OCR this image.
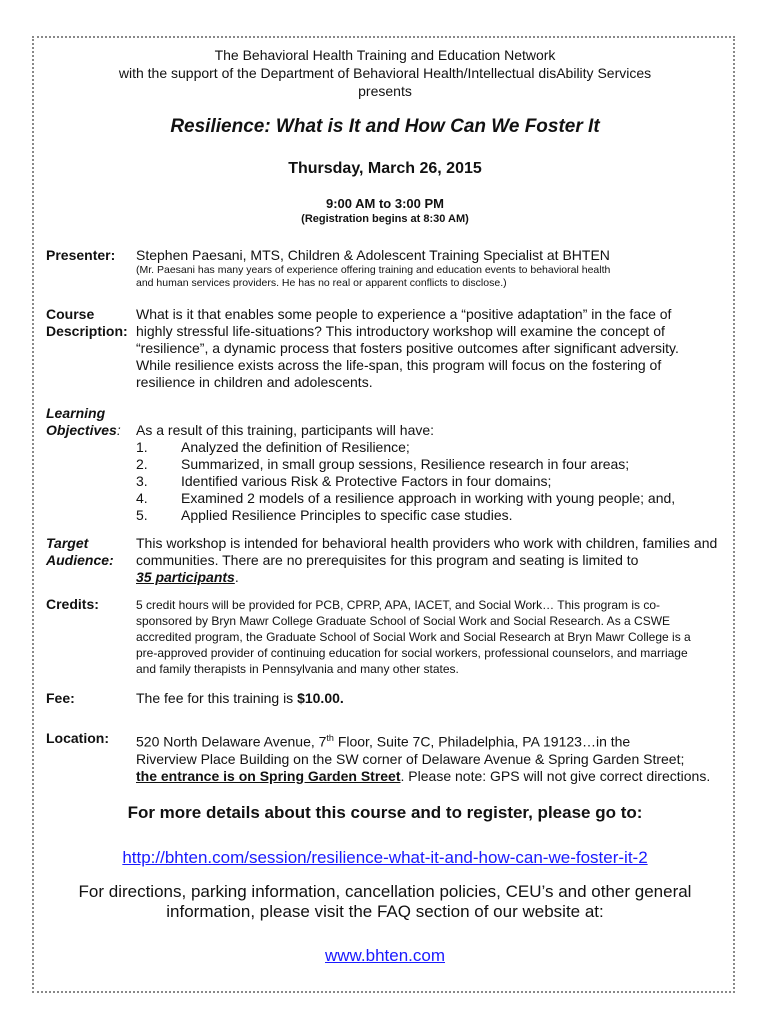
The Behavioral Health Training and Education Network
with the support of the Department of Behavioral Health/Intellectual disAbility Services
presents
Resilience: What is It and How Can We Foster It
Thursday, March 26, 2015
9:00 AM to 3:00 PM
(Registration begins at 8:30 AM)
Presenter: Stephen Paesani, MTS, Children & Adolescent Training Specialist at BHTEN
(Mr. Paesani has many years of experience offering training and education events to behavioral health
and human services providers. He has no real or apparent conflicts to disclose.)
Course
Description:
What is it that enables some people to experience a “positive adaptation” in the face of
highly stressful life-situations? This introductory workshop will examine the concept of
“resilience”, a dynamic process that fosters positive outcomes after significant adversity.
While resilience exists across the life-span, this program will focus on the fostering of
resilience in children and adolescents.
Learning
Objectives: As a result of this training, participants will have:
1.	Analyzed the definition of Resilience;
2.	Summarized, in small group sessions, Resilience research in four areas;
3.	Identified various Risk & Protective Factors in four domains;
4.	Examined 2 models of a resilience approach in working with young people; and,
5.	Applied Resilience Principles to specific case studies.
Target
Audience:
This workshop is intended for behavioral health providers who work with children, families and
communities. There are no prerequisites for this program and seating is limited to
35 participants.
Credits:	5 credit hours will be provided for PCB, CPRP, APA, IACET, and Social Work… This program is co-
sponsored by Bryn Mawr College Graduate School of Social Work and Social Research. As a CSWE
accredited program, the Graduate School of Social Work and Social Research at Bryn Mawr College is a
pre-approved provider of continuing education for social workers, professional counselors, and marriage
and family therapists in Pennsylvania and many other states.
Fee:	The fee for this training is $10.00.
Location: 520 North Delaware Avenue, 7th Floor, Suite 7C, Philadelphia, PA 19123…in the
Riverview Place Building on the SW corner of Delaware Avenue & Spring Garden Street;
the entrance is on Spring Garden Street. Please note: GPS will not give correct directions.
For more details about this course and to register, please go to:
http://bhten.com/session/resilience-what-it-and-how-can-we-foster-it-2
For directions, parking information, cancellation policies, CEU’s and other general
information, please visit the FAQ section of our website at:
www.bhten.com
